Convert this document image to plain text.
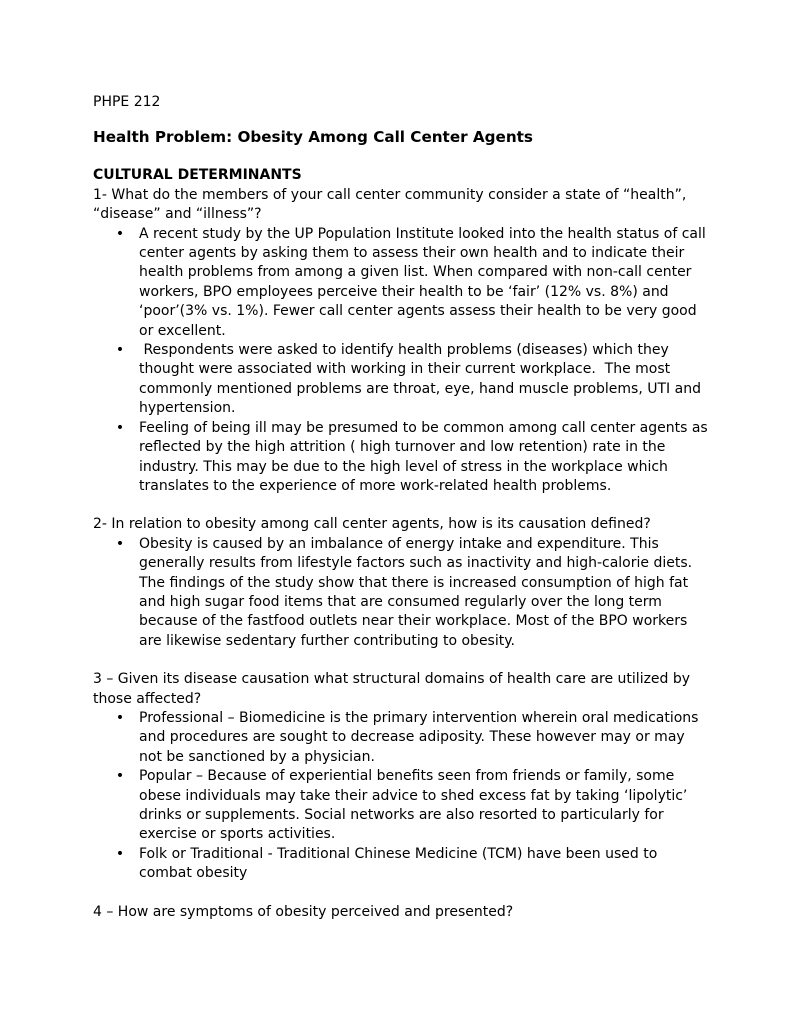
PHPE 212

Health Problem: Obesity Among Call Center Agents

CULTURAL DETERMINANTS

1- What do the members of your call center community consider a state of “health”, “disease” and “illness”?

• A recent study by the UP Population Institute looked into the health status of call center agents by asking them to assess their own health and to indicate their health problems from among a given list. When compared with non-call center workers, BPO employees perceive their health to be ‘fair’ (12% vs. 8%) and ‘poor’(3% vs. 1%). Fewer call center agents assess their health to be very good or excellent.
• Respondents were asked to identify health problems (diseases) which they thought were associated with working in their current workplace.  The most commonly mentioned problems are throat, eye, hand muscle problems, UTI and hypertension.
• Feeling of being ill may be presumed to be common among call center agents as reflected by the high attrition ( high turnover and low retention) rate in the industry. This may be due to the high level of stress in the workplace which translates to the experience of more work-related health problems.

2- In relation to obesity among call center agents, how is its causation defined?

• Obesity is caused by an imbalance of energy intake and expenditure. This generally results from lifestyle factors such as inactivity and high-calorie diets. The findings of the study show that there is increased consumption of high fat and high sugar food items that are consumed regularly over the long term because of the fastfood outlets near their workplace. Most of the BPO workers are likewise sedentary further contributing to obesity.

3 – Given its disease causation what structural domains of health care are utilized by those affected?

• Professional – Biomedicine is the primary intervention wherein oral medications and procedures are sought to decrease adiposity. These however may or may not be sanctioned by a physician.
• Popular – Because of experiential benefits seen from friends or family, some obese individuals may take their advice to shed excess fat by taking ‘lipolytic’ drinks or supplements. Social networks are also resorted to particularly for exercise or sports activities.
• Folk or Traditional - Traditional Chinese Medicine (TCM) have been used to combat obesity

4 – How are symptoms of obesity perceived and presented?
